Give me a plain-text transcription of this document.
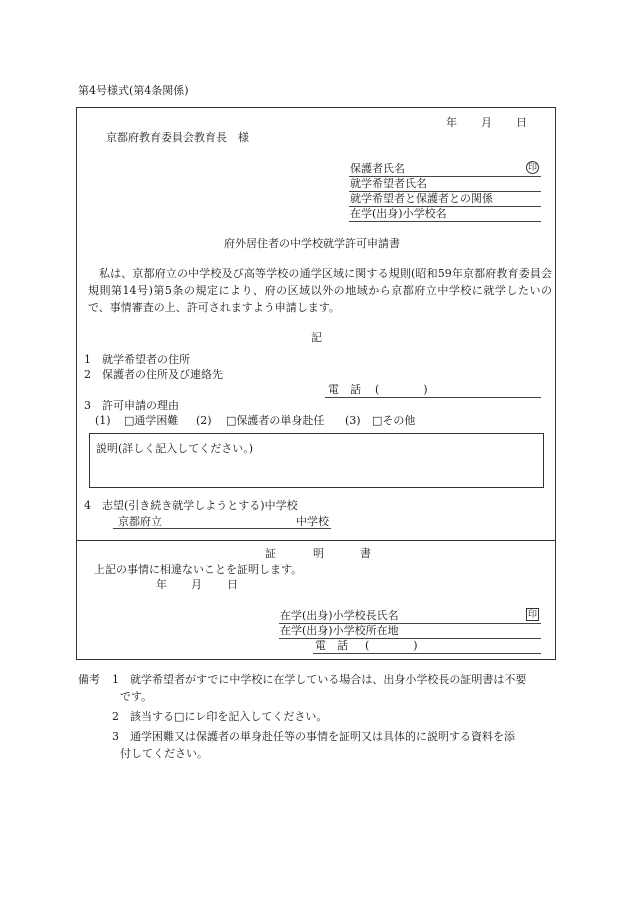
第4号様式(第4条関係)
年 月 日
京都府教育委員会教育長　様
保護者氏名	印
就学希望者氏名
就学希望者と保護者との関係
在学(出身)小学校名
府外居住者の中学校就学許可申請書
私は、京都府立の中学校及び高等学校の通学区域に関する規則(昭和59年京都府教育委員会規則第14号)第5条の規定により、府の区域以外の地域から京都府立中学校に就学したいので、事情審査の上、許可されますよう申請します。
記
1　就学希望者の住所
2　保護者の住所及び連絡先
電　話 (　　　　)
3　許可申請の理由
(1) □通学困難 (2) □保護者の単身赴任 (3) □その他
説明(詳しく記入してください。)
4　志望(引き続き就学しようとする)中学校
京都府立	中学校
証	明	書
上記の事情に相違ないことを証明します。
年 月 日
在学(出身)小学校長氏名	印
在学(出身)小学校所在地
電　話 (　　　　)
備考 1 就学希望者がすでに中学校に在学している場合は、出身小学校長の証明書は不要
です。
2 該当する□にレ印を記入してください。
3 通学困難又は保護者の単身赴任等の事情を証明又は具体的に説明する資料を添
付してください。
